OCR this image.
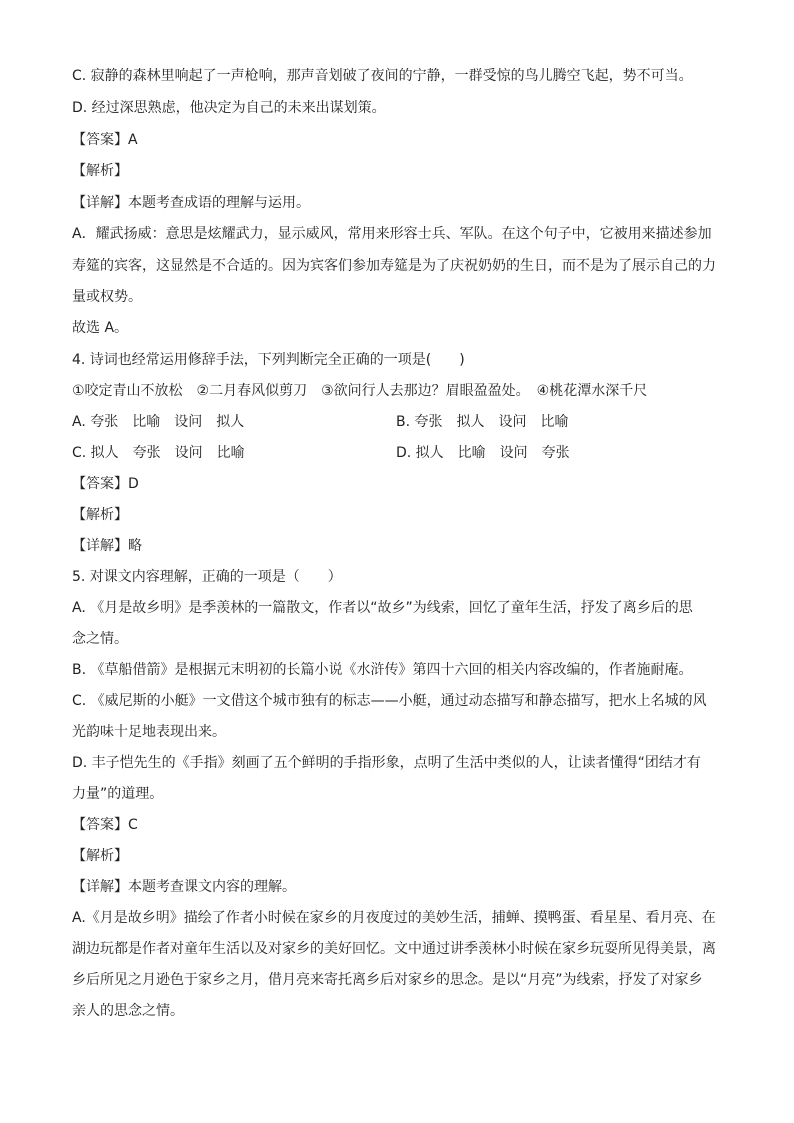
C. 寂静的森林里响起了一声枪响，那声音划破了夜间的宁静，一群受惊的鸟儿腾空飞起，势不可当。
D. 经过深思熟虑，他决定为自己的未来出谋划策。
【答案】A
【解析】
【详解】本题考查成语的理解与运用。
A．耀武扬威：意思是炫耀武力，显示威风，常用来形容士兵、军队。在这个句子中，它被用来描述参加
寿筵的宾客，这显然是不合适的。因为宾客们参加寿筵是为了庆祝奶奶的生日，而不是为了展示自己的力
量或权势。
故选 A。
4. 诗词也经常运用修辞手法，下列判断完全正确的一项是(　　)
①咬定青山不放松　②二月春风似剪刀　③欲问行人去那边？眉眼盈盈处。　④桃花潭水深千尺
A. 夸张　比喻　设问　拟人	B. 夸张　拟人　设问　比喻
C. 拟人　夸张　设问　比喻	D. 拟人　比喻　设问　夸张
【答案】D
【解析】
【详解】略
5. 对课文内容理解，正确的一项是（　　）
A. 《月是故乡明》是季羡林的一篇散文，作者以“故乡”为线索，回忆了童年生活，抒发了离乡后的思
念之情。
B. 《草船借箭》是根据元末明初的长篇小说《水浒传》第四十六回的相关内容改编的，作者施耐庵。
C. 《威尼斯的小艇》一文借这个城市独有的标志——小艇，通过动态描写和静态描写，把水上名城的风
光韵味十足地表现出来。
D. 丰子恺先生的《手指》刻画了五个鲜明的手指形象，点明了生活中类似的人，让读者懂得“团结才有
力量”的道理。
【答案】C
【解析】
【详解】本题考查课文内容的理解。
A.《月是故乡明》描绘了作者小时候在家乡的月夜度过的美妙生活，捕蝉、摸鸭蛋、看星星、看月亮、在
湖边玩都是作者对童年生活以及对家乡的美好回忆。文中通过讲季羡林小时候在家乡玩耍所见得美景，离
乡后所见之月逊色于家乡之月，借月亮来寄托离乡后对家乡的思念。是以“月亮”为线索，抒发了对家乡
亲人的思念之情。
